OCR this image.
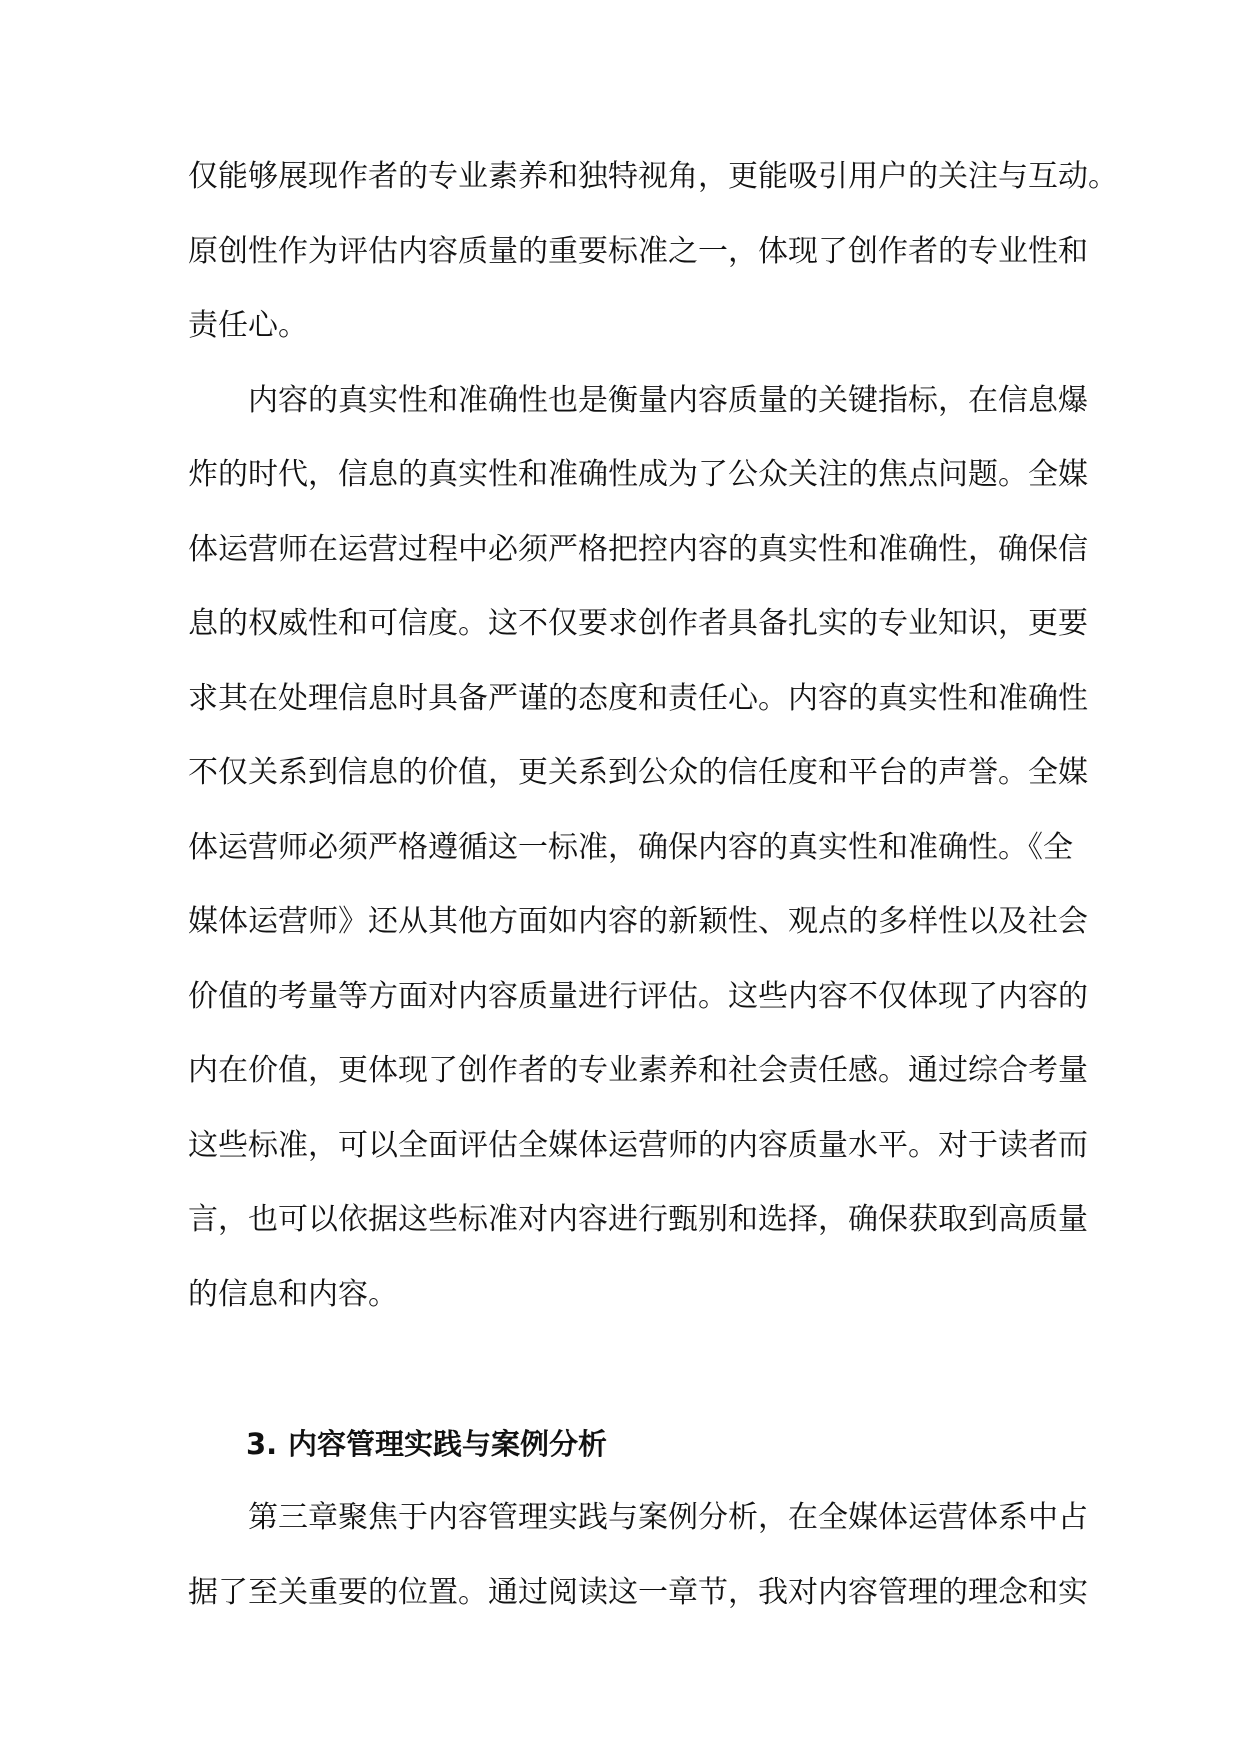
仅能够展现作者的专业素养和独特视角，更能吸引用户的关注与互动。
原创性作为评估内容质量的重要标准之一，体现了创作者的专业性和
责任心。
内容的真实性和准确性也是衡量内容质量的关键指标，在信息爆
炸的时代，信息的真实性和准确性成为了公众关注的焦点问题。全媒
体运营师在运营过程中必须严格把控内容的真实性和准确性，确保信
息的权威性和可信度。这不仅要求创作者具备扎实的专业知识，更要
求其在处理信息时具备严谨的态度和责任心。内容的真实性和准确性
不仅关系到信息的价值，更关系到公众的信任度和平台的声誉。全媒
体运营师必须严格遵循这一标准，确保内容的真实性和准确性。《全
媒体运营师》还从其他方面如内容的新颖性、观点的多样性以及社会
价值的考量等方面对内容质量进行评估。这些内容不仅体现了内容的
内在价值，更体现了创作者的专业素养和社会责任感。通过综合考量
这些标准，可以全面评估全媒体运营师的内容质量水平。对于读者而
言，也可以依据这些标准对内容进行甄别和选择，确保获取到高质量
的信息和内容。
3. 内容管理实践与案例分析
第三章聚焦于内容管理实践与案例分析，在全媒体运营体系中占
据了至关重要的位置。通过阅读这一章节，我对内容管理的理念和实
